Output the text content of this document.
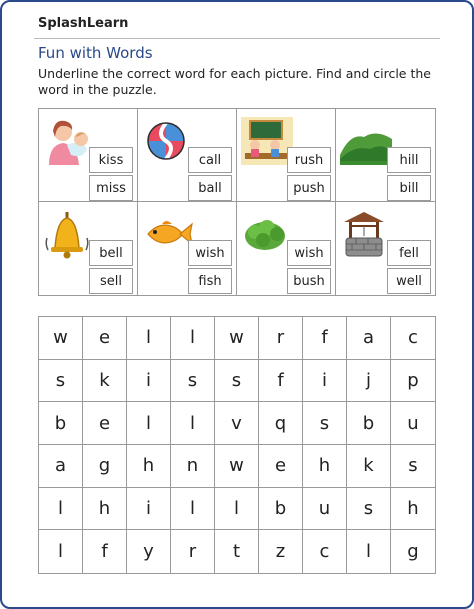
SplashLearn
Fun with Words
Underline the correct word for each picture. Find and circle the word in the puzzle.
kiss
miss
call
ball
rush
push
hill
bill
bell
sell
wish
fish
wish
bush
fell
well
w	e	l	l	w	r	f	a	c
s	k	i	s	s	f	i	j	p
b	e	l	l	v	q	s	b	u
a	g	h	n	w	e	h	k	s
l	h	i	l	l	b	u	s	h
l	f	y	r	t	z	c	l	g
